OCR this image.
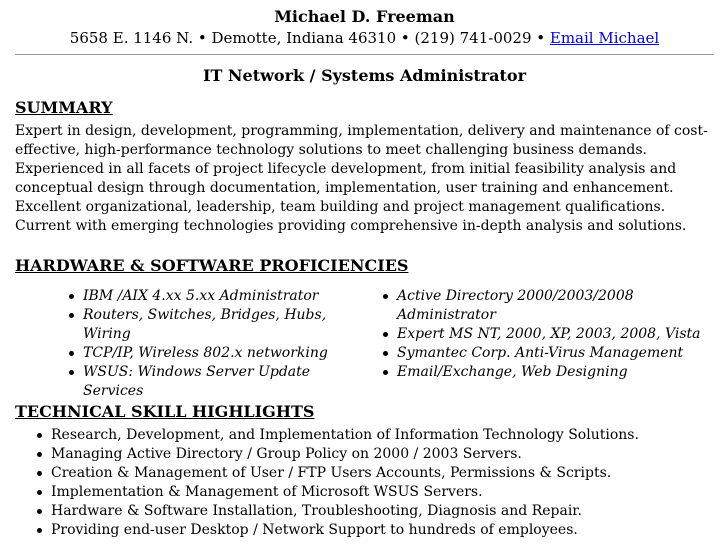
Michael D. Freeman
5658 E. 1146 N. • Demotte, Indiana 46310 • (219) 741-0029 • Email Michael
IT Network / Systems Administrator
SUMMARY
Expert in design, development, programming, implementation, delivery and maintenance of cost-effective, high-performance technology solutions to meet challenging business demands. Experienced in all facets of project lifecycle development, from initial feasibility analysis and conceptual design through documentation, implementation, user training and enhancement. Excellent organizational, leadership, team building and project management qualifications. Current with emerging technologies providing comprehensive in-depth analysis and solutions.
HARDWARE & SOFTWARE PROFICIENCIES
IBM /AIX 4.xx 5.xx Administrator
Routers, Switches, Bridges, Hubs, Wiring
TCP/IP, Wireless 802.x networking
WSUS: Windows Server Update Services
Active Directory 2000/2003/2008 Administrator
Expert MS NT, 2000, XP, 2003, 2008, Vista
Symantec Corp. Anti-Virus Management
Email/Exchange, Web Designing
TECHNICAL SKILL HIGHLIGHTS
Research, Development, and Implementation of Information Technology Solutions.
Managing Active Directory / Group Policy on 2000 / 2003 Servers.
Creation & Management of User / FTP Users Accounts, Permissions & Scripts.
Implementation & Management of Microsoft WSUS Servers.
Hardware & Software Installation, Troubleshooting, Diagnosis and Repair.
Providing end-user Desktop / Network Support to hundreds of employees.
